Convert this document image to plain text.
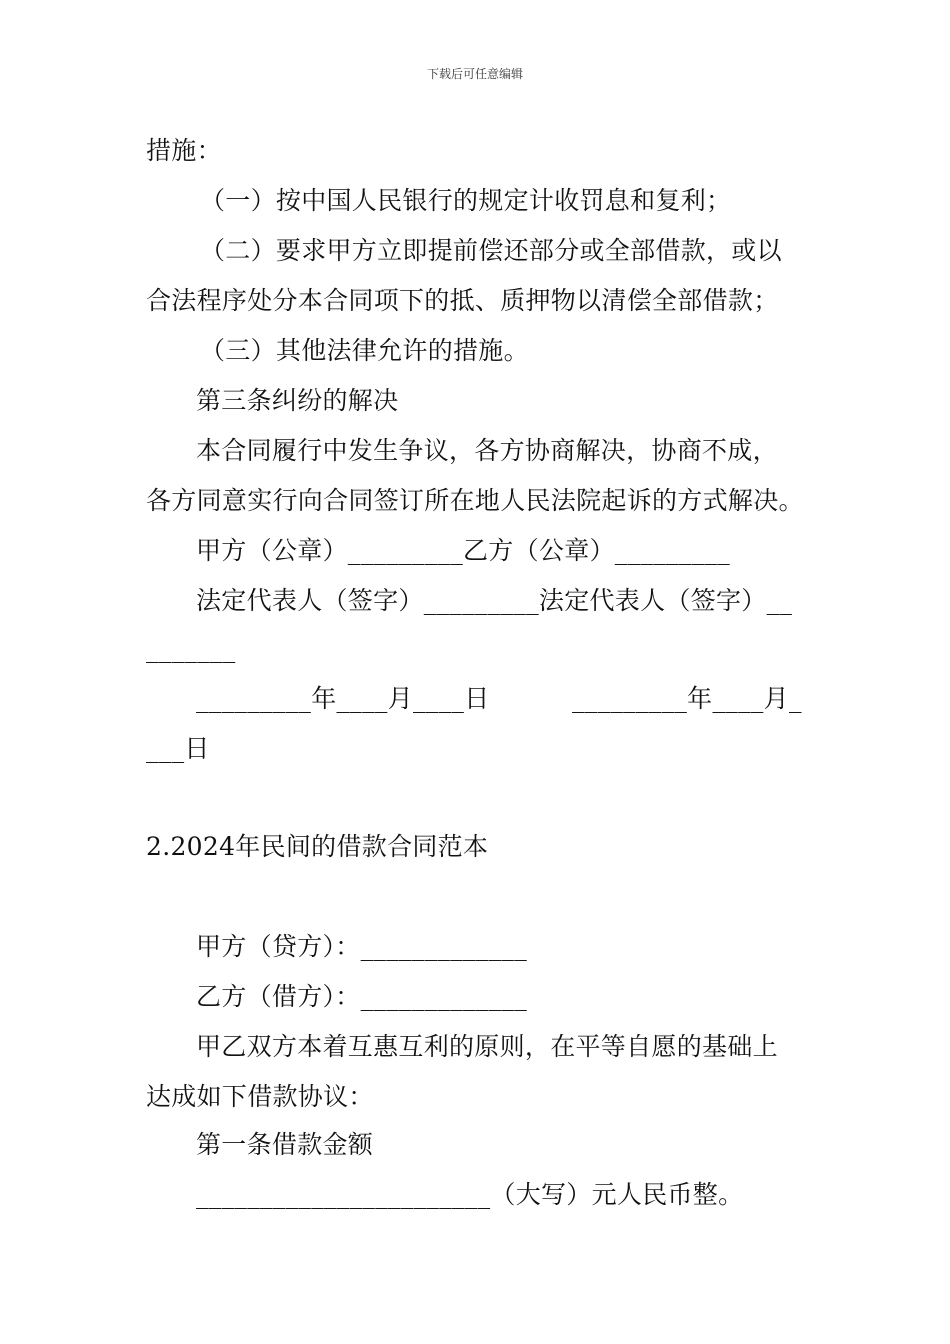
下载后可任意编辑
措施：
（一）按中国人民银行的规定计收罚息和复利；
（二）要求甲方立即提前偿还部分或全部借款，或以
合法程序处分本合同项下的抵、质押物以清偿全部借款；
（三）其他法律允许的措施。
第三条纠纷的解决
本合同履行中发生争议，各方协商解决，协商不成，
各方同意实行向合同签订所在地人民法院起诉的方式解决。
甲方（公章）_________乙方（公章）_________
法定代表人（签字）_________法定代表人（签字）__
_______
_________年____月____日          _________年____月_
___日
2.2024年民间的借款合同范本
甲方（贷方）：_____________
乙方（借方）：_____________
甲乙双方本着互惠互利的原则，在平等自愿的基础上
达成如下借款协议：
第一条借款金额
_______________________（大写）元人民币整。
